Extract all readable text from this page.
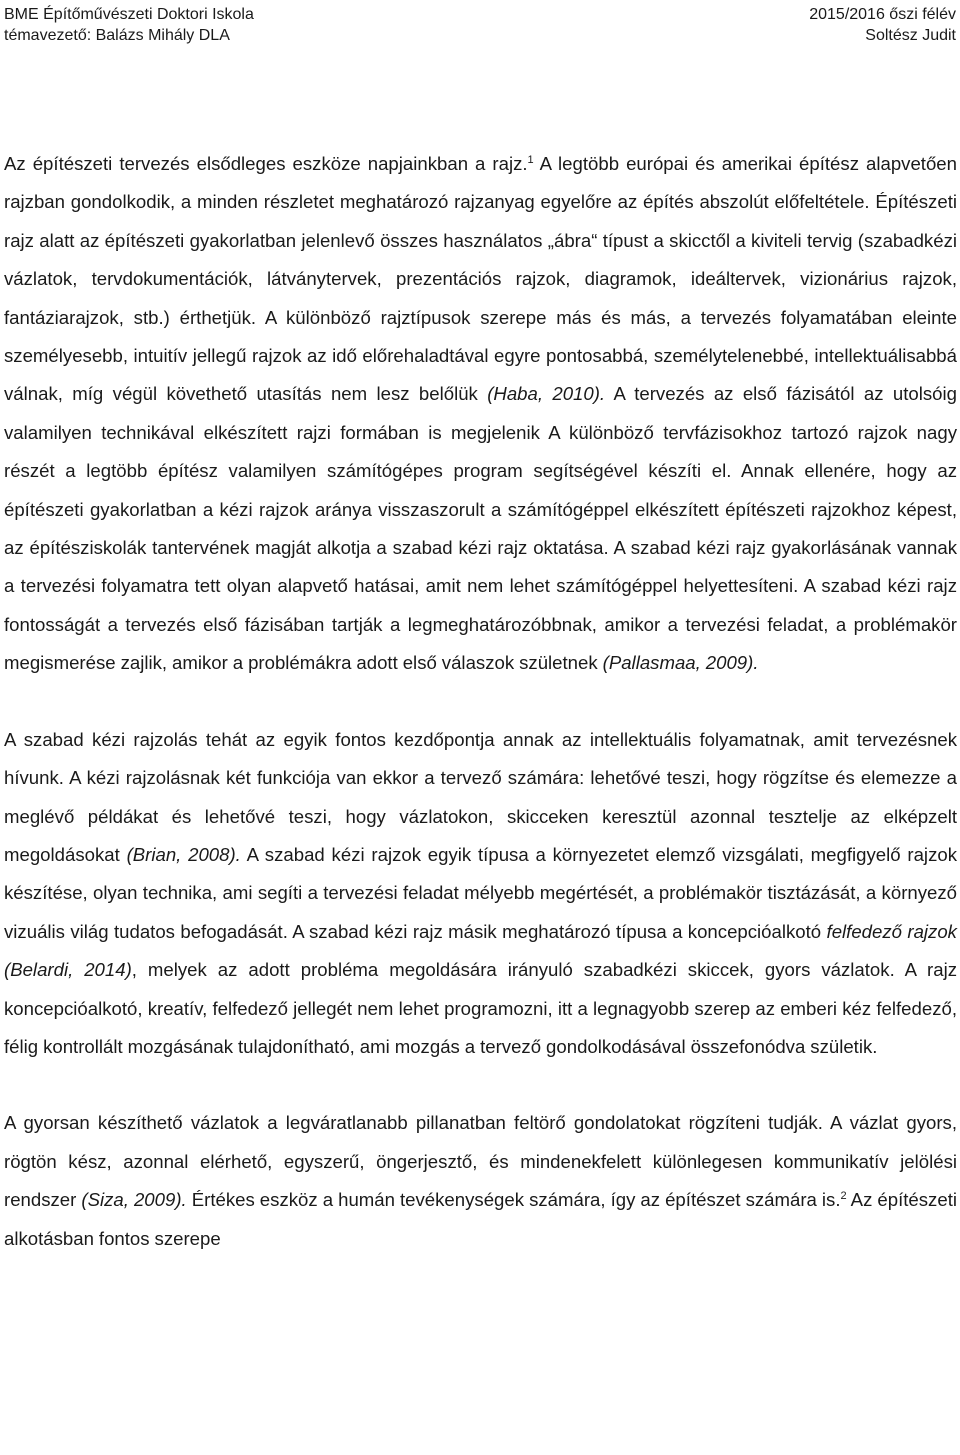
BME Építőművészeti Doktori Iskola	2015/2016 őszi félév
témavezető: Balázs Mihály DLA	Soltész Judit

Az építészeti tervezés elsődleges eszköze napjainkban a rajz.$^1$ A legtöbb európai és amerikai építész alapvetően rajzban gondolkodik, a minden részletet meghatározó rajzanyag egyelőre az építés abszolút előfeltétele. Építészeti rajz alatt az építészeti gyakorlatban jelenlevő összes használatos „ábra“ típust a skicctől a kiviteli tervig (szabadkézi vázlatok, tervdokumentációk, látványtervek, prezentációs rajzok, diagramok, ideáltervek, vizionárius rajzok, fantáziarajzok, stb.) érthetjük. A különböző rajztípusok szerepe más és más, a tervezés folyamatában eleinte személyesebb, intuitív jellegű rajzok az idő előrehaladtával egyre pontosabbá, személytelenebbé, intellektuálisabbá válnak, míg végül követhető utasítás nem lesz belőlük (Haba, 2010). A tervezés az első fázisától az utolsóig valamilyen technikával elkészített rajzi formában is megjelenik A különböző tervfázisokhoz tartozó rajzok nagy részét a legtöbb építész valamilyen számítógépes program segítségével készíti el. Annak ellenére, hogy az építészeti gyakorlatban a kézi rajzok aránya visszaszorult a számítógéppel elkészített építészeti rajzokhoz képest, az építésziskolák tantervének magját alkotja a szabad kézi rajz oktatása. A szabad kézi rajz gyakorlásának vannak a tervezési folyamatra tett olyan alapvető hatásai, amit nem lehet számítógéppel helyettesíteni. A szabad kézi rajz fontosságát a tervezés első fázisában tartják a legmeghatározóbbnak, amikor a tervezési feladat, a problémakör megismerése zajlik, amikor a problémákra adott első válaszok születnek (Pallasmaa, 2009).

A szabad kézi rajzolás tehát az egyik fontos kezdőpontja annak az intellektuális folyamatnak, amit tervezésnek hívunk. A kézi rajzolásnak két funkciója van ekkor a tervező számára: lehetővé teszi, hogy rögzítse és elemezze a meglévő példákat és lehetővé teszi, hogy vázlatokon, skicceken keresztül azonnal tesztelje az elképzelt megoldásokat (Brian, 2008). A szabad kézi rajzok egyik típusa a környezetet elemző vizsgálati, megfigyelő rajzok készítése, olyan technika, ami segíti a tervezési feladat mélyebb megértését, a problémakör tisztázását, a környező vizuális világ tudatos befogadását. A szabad kézi rajz másik meghatározó típusa a koncepcióalkotó felfedező rajzok (Belardi, 2014), melyek az adott probléma megoldására irányuló szabadkézi skiccek, gyors vázlatok. A rajz koncepcióalkotó, kreatív, felfedező jellegét nem lehet programozni, itt a legnagyobb szerep az emberi kéz felfedező, félig kontrollált mozgásának tulajdonítható, ami mozgás a tervező gondolkodásával összefonódva születik.

A gyorsan készíthető vázlatok a legváratlanabb pillanatban feltörő gondolatokat rögzíteni tudják. A vázlat gyors, rögtön kész, azonnal elérhető, egyszerű, öngerjesztő, és mindenekfelett különlegesen kommunikatív jelölési rendszer (Siza, 2009). Értékes eszköz a humán tevékenységek számára, így az építészet számára is.$^2$ Az építészeti alkotásban fontos szerepe
